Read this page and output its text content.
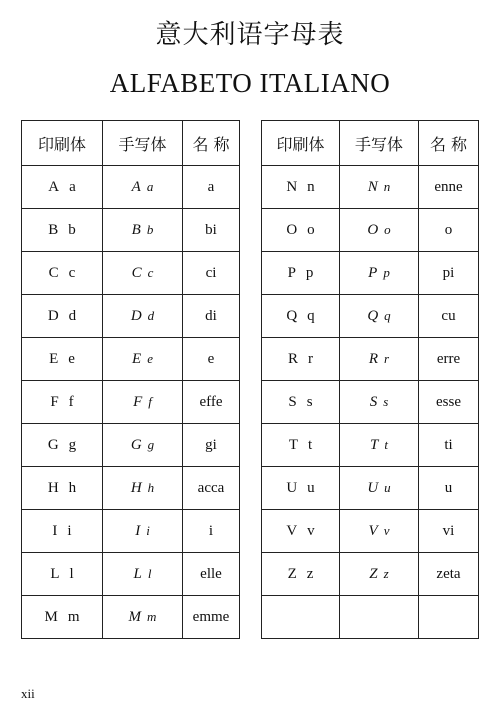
意大利语字母表
ALFABETO ITALIANO
印刷体	手写体	名 称
A a	A a	a
B b	B b	bi
C c	C c	ci
D d	D d	di
E e	E e	e
F f	F f	effe
G g	G g	gi
H h	H h	acca
I i	I i	i
L l	L l	elle
M m	M m	emme
印刷体	手写体	名 称
N n	N n	enne
O o	O o	o
P p	P p	pi
Q q	Q q	cu
R r	R r	erre
S s	S s	esse
T t	T t	ti
U u	U u	u
V v	V v	vi
Z z	Z z	zeta

xii
